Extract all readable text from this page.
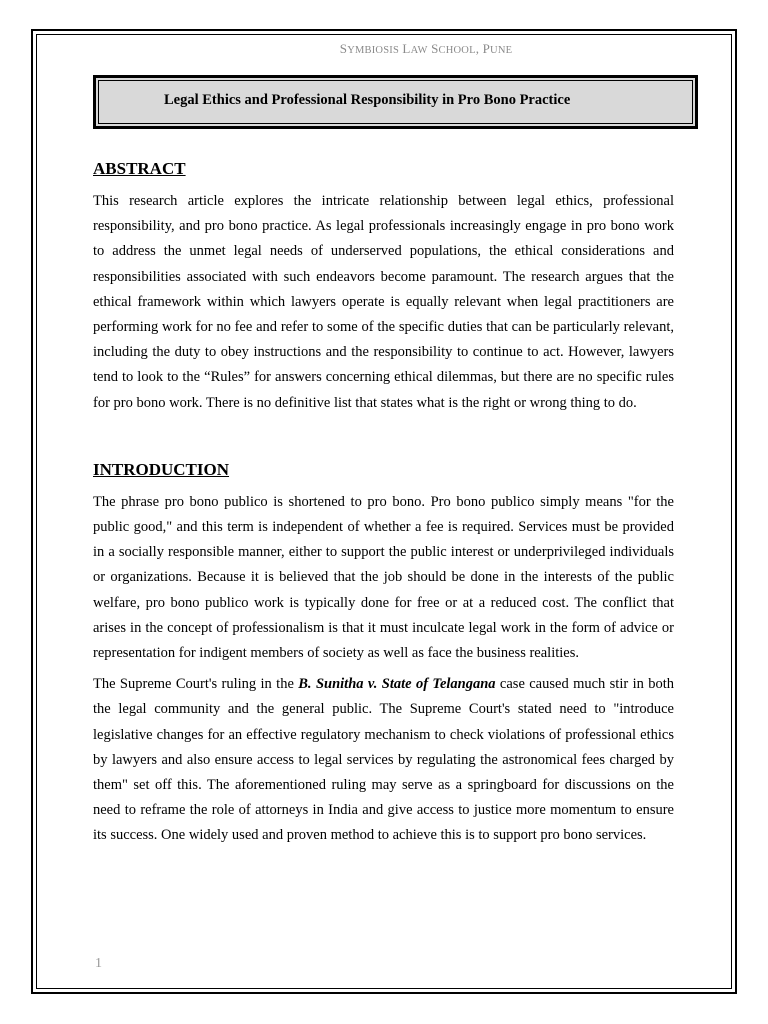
SYMBIOSIS LAW SCHOOL, PUNE
Legal Ethics and Professional Responsibility in Pro Bono Practice
ABSTRACT

This research article explores the intricate relationship between legal ethics, professional responsibility, and pro bono practice. As legal professionals increasingly engage in pro bono work to address the unmet legal needs of underserved populations, the ethical considerations and responsibilities associated with such endeavors become paramount. The research argues that the ethical framework within which lawyers operate is equally relevant when legal practitioners are performing work for no fee and refer to some of the specific duties that can be particularly relevant, including the duty to obey instructions and the responsibility to continue to act. However, lawyers tend to look to the “Rules” for answers concerning ethical dilemmas, but there are no specific rules for pro bono work. There is no definitive list that states what is the right or wrong thing to do.

INTRODUCTION

The phrase pro bono publico is shortened to pro bono. Pro bono publico simply means "for the public good," and this term is independent of whether a fee is required. Services must be provided in a socially responsible manner, either to support the public interest or underprivileged individuals or organizations. Because it is believed that the job should be done in the interests of the public welfare, pro bono publico work is typically done for free or at a reduced cost. The conflict that arises in the concept of professionalism is that it must inculcate legal work in the form of advice or representation for indigent members of society as well as face the business realities.

The Supreme Court's ruling in the B. Sunitha v. State of Telangana case caused much stir in both the legal community and the general public. The Supreme Court's stated need to "introduce legislative changes for an effective regulatory mechanism to check violations of professional ethics by lawyers and also ensure access to legal services by regulating the astronomical fees charged by them" set off this. The aforementioned ruling may serve as a springboard for discussions on the need to reframe the role of attorneys in India and give access to justice more momentum to ensure its success. One widely used and proven method to achieve this is to support pro bono services.

1
